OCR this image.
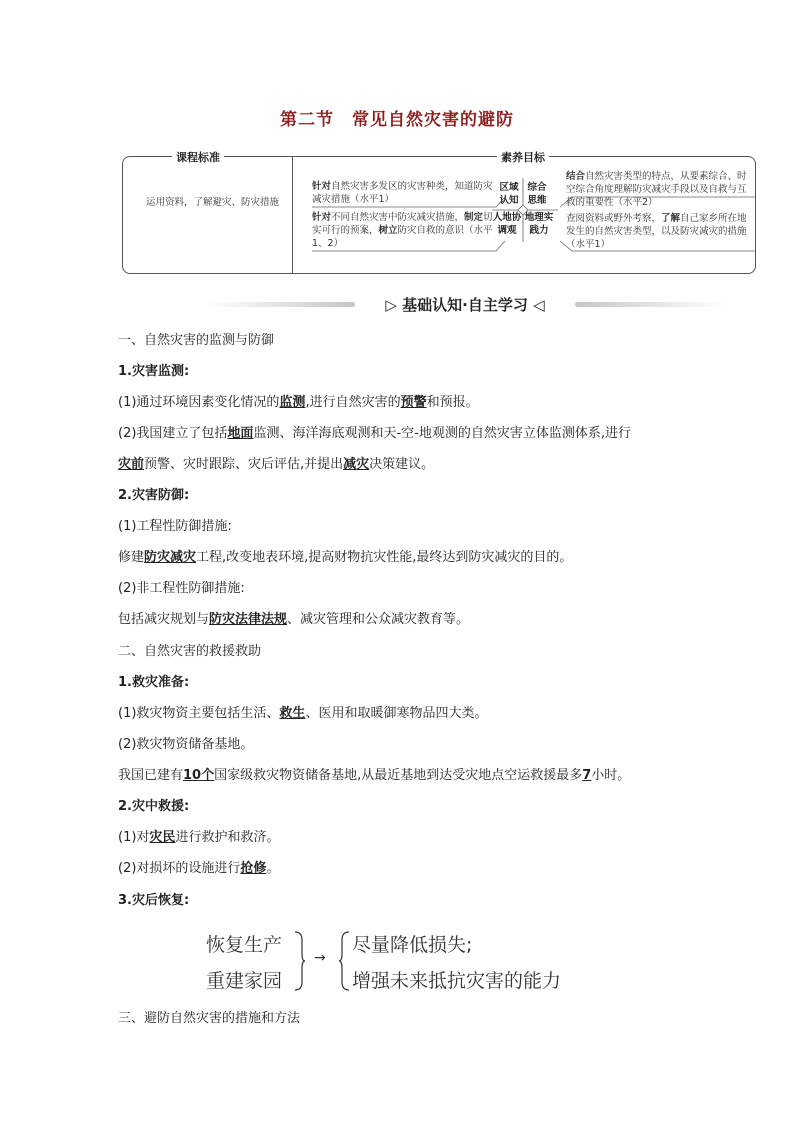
第二节　常见自然灾害的避防
课程标准	素养目标
运用资料，了解避灾、防灾措施
针对自然灾害多发区的灾害种类，知道防灾减灾措施（水平1）
针对不同自然灾害中防灾减灾措施，制定切实可行的预案，树立防灾自救的意识（水平1、2）
区域认知
综合思维
人地协调观
地理实践力
结合自然灾害类型的特点，从要素综合、时空综合角度理解防灾减灾手段以及自救与互救的重要性（水平2）
查阅资料或野外考察，了解自己家乡所在地发生的自然灾害类型，以及防灾减灾的措施（水平1）
▷ 基础认知·自主学习 ◁
一、自然灾害的监测与防御
1.灾害监测:
(1)通过环境因素变化情况的监测,进行自然灾害的预警和预报。
(2)我国建立了包括地面监测、海洋海底观测和天-空-地观测的自然灾害立体监测体系,进行
灾前预警、灾时跟踪、灾后评估,并提出减灾决策建议。
2.灾害防御:
(1)工程性防御措施:
修建防灾减灾工程,改变地表环境,提高财物抗灾性能,最终达到防灾减灾的目的。
(2)非工程性防御措施:
包括减灾规划与防灾法律法规、减灾管理和公众减灾教育等。
二、自然灾害的救援救助
1.救灾准备:
(1)救灾物资主要包括生活、救生、医用和取暖御寒物品四大类。
(2)救灾物资储备基地。
我国已建有10个国家级救灾物资储备基地,从最近基地到达受灾地点空运救援最多7小时。
2.灾中救援:
(1)对灾民进行救护和救济。
(2)对损坏的设施进行抢修。
3.灾后恢复:
恢复生产
重建家园
→
尽量降低损失;
增强未来抵抗灾害的能力
三、避防自然灾害的措施和方法
